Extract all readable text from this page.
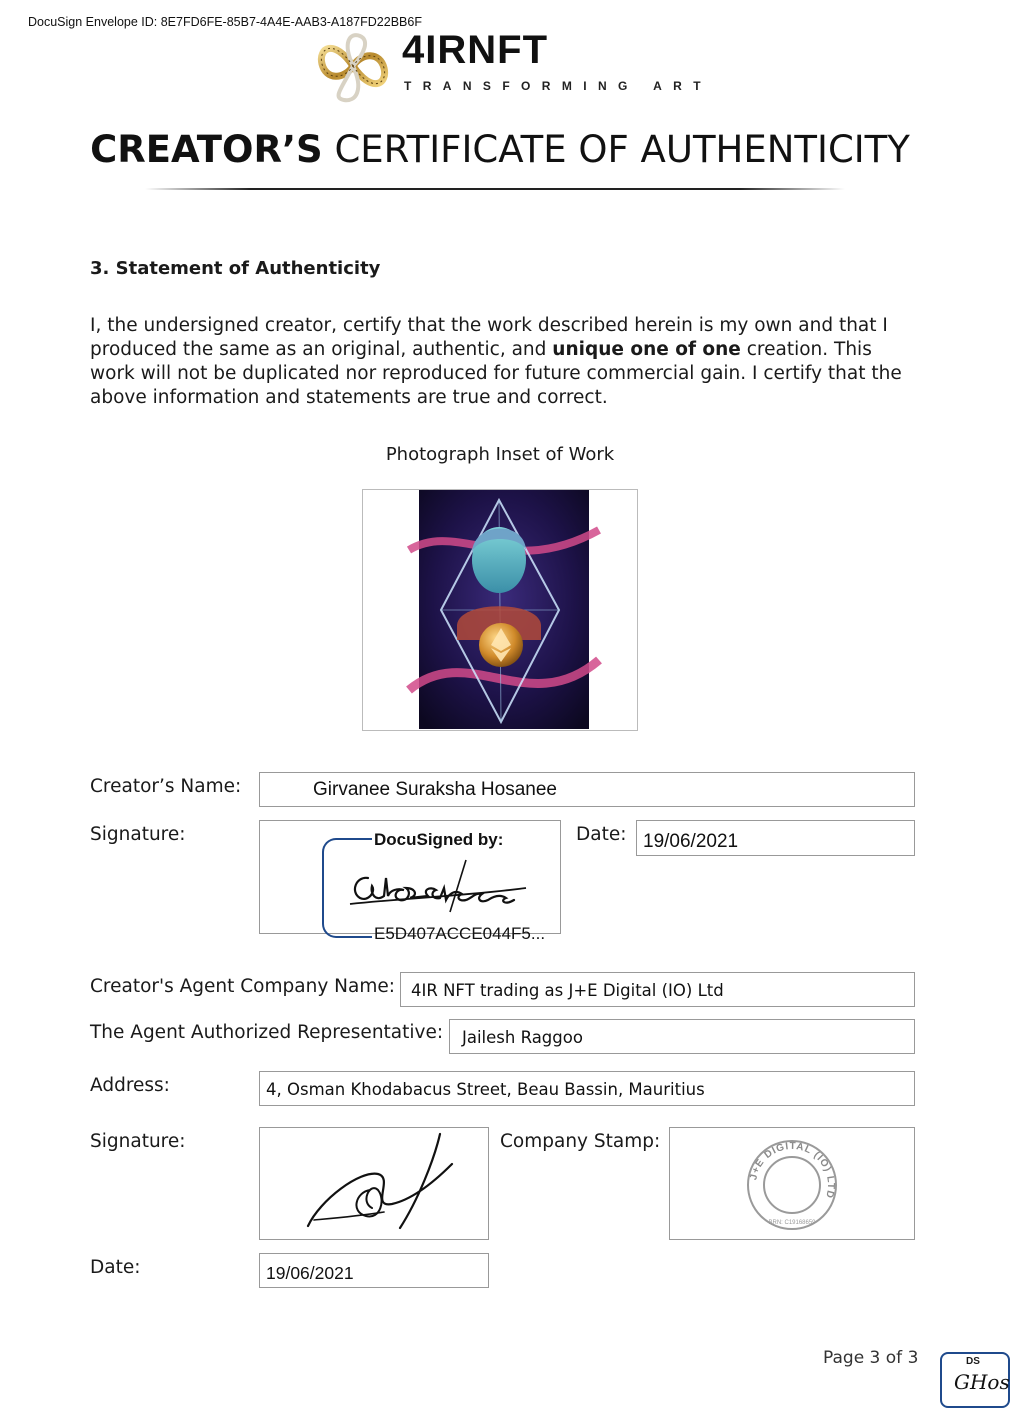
DocuSign Envelope ID: 8E7FD6FE-85B7-4A4E-AAB3-A187FD22BB6F
4IRNFT
TRANSFORMING ART
CREATOR’S CERTIFICATE OF AUTHENTICITY
3. Statement of Authenticity
I, the undersigned creator, certify that the work described herein is my own and that I produced the same as an original, authentic, and unique one of one creation. This work will not be duplicated nor reproduced for future commercial gain. I certify that the above information and statements are true and correct.
Photograph Inset of Work
Creator’s Name:	Girvanee Suraksha Hosanee
Signature:	DocuSigned by:
E5D407ACCE044F5...
Date: 19/06/2021
Creator's Agent Company Name: 4IR NFT trading as J+E Digital (IO) Ltd
The Agent Authorized Representative: Jailesh Raggoo
Address:	4, Osman Khodabacus Street, Beau Bassin, Mauritius
Signature:	Company Stamp:
J+E DIGITAL (IO) LTD
BRN: C19168659
Date:	19/06/2021
Page 3 of 3	DS
GHos
